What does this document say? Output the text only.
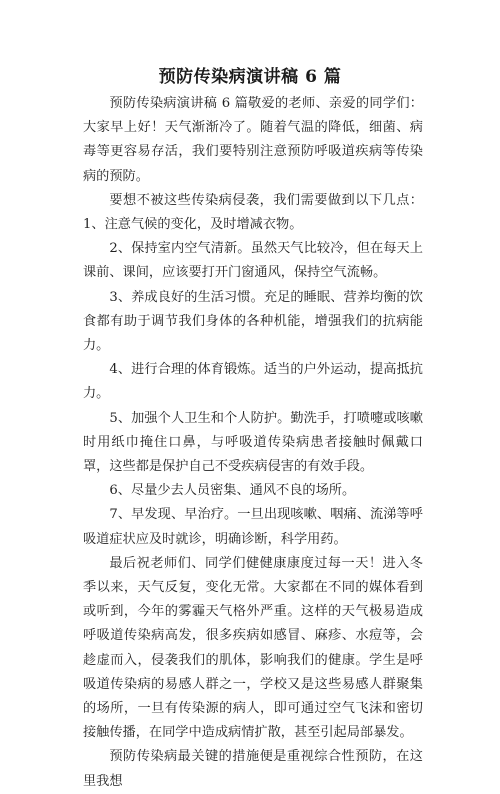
预防传染病演讲稿 6 篇

预防传染病演讲稿 6 篇敬爱的老师、亲爱的同学们：大家早上好！天气渐渐冷了。随着气温的降低，细菌、病毒等更容易存活，我们要特别注意预防呼吸道疾病等传染病的预防。

要想不被这些传染病侵袭，我们需要做到以下几点：1、注意气候的变化，及时增减衣物。

2、保持室内空气清新。虽然天气比较冷，但在每天上课前、课间，应该要打开门窗通风，保持空气流畅。

3、养成良好的生活习惯。充足的睡眠、营养均衡的饮食都有助于调节我们身体的各种机能，增强我们的抗病能力。

4、进行合理的体育锻炼。适当的户外运动，提高抵抗力。

5、加强个人卫生和个人防护。勤洗手，打喷嚏或咳嗽时用纸巾掩住口鼻，与呼吸道传染病患者接触时佩戴口罩，这些都是保护自己不受疾病侵害的有效手段。

6、尽量少去人员密集、通风不良的场所。

7、早发现、早治疗。一旦出现咳嗽、咽痛、流涕等呼吸道症状应及时就诊，明确诊断，科学用药。

最后祝老师们、同学们健健康康度过每一天！进入冬季以来，天气反复，变化无常。大家都在不同的媒体看到或听到，今年的雾霾天气格外严重。这样的天气极易造成呼吸道传染病高发，很多疾病如感冒、麻疹、水痘等，会趁虚而入，侵袭我们的肌体，影响我们的健康。学生是呼吸道传染病的易感人群之一，学校又是这些易感人群聚集的场所，一旦有传染源的病人，即可通过空气飞沫和密切接触传播，在同学中造成病情扩散，甚至引起局部暴发。

预防传染病最关键的措施便是重视综合性预防，在这里我想
